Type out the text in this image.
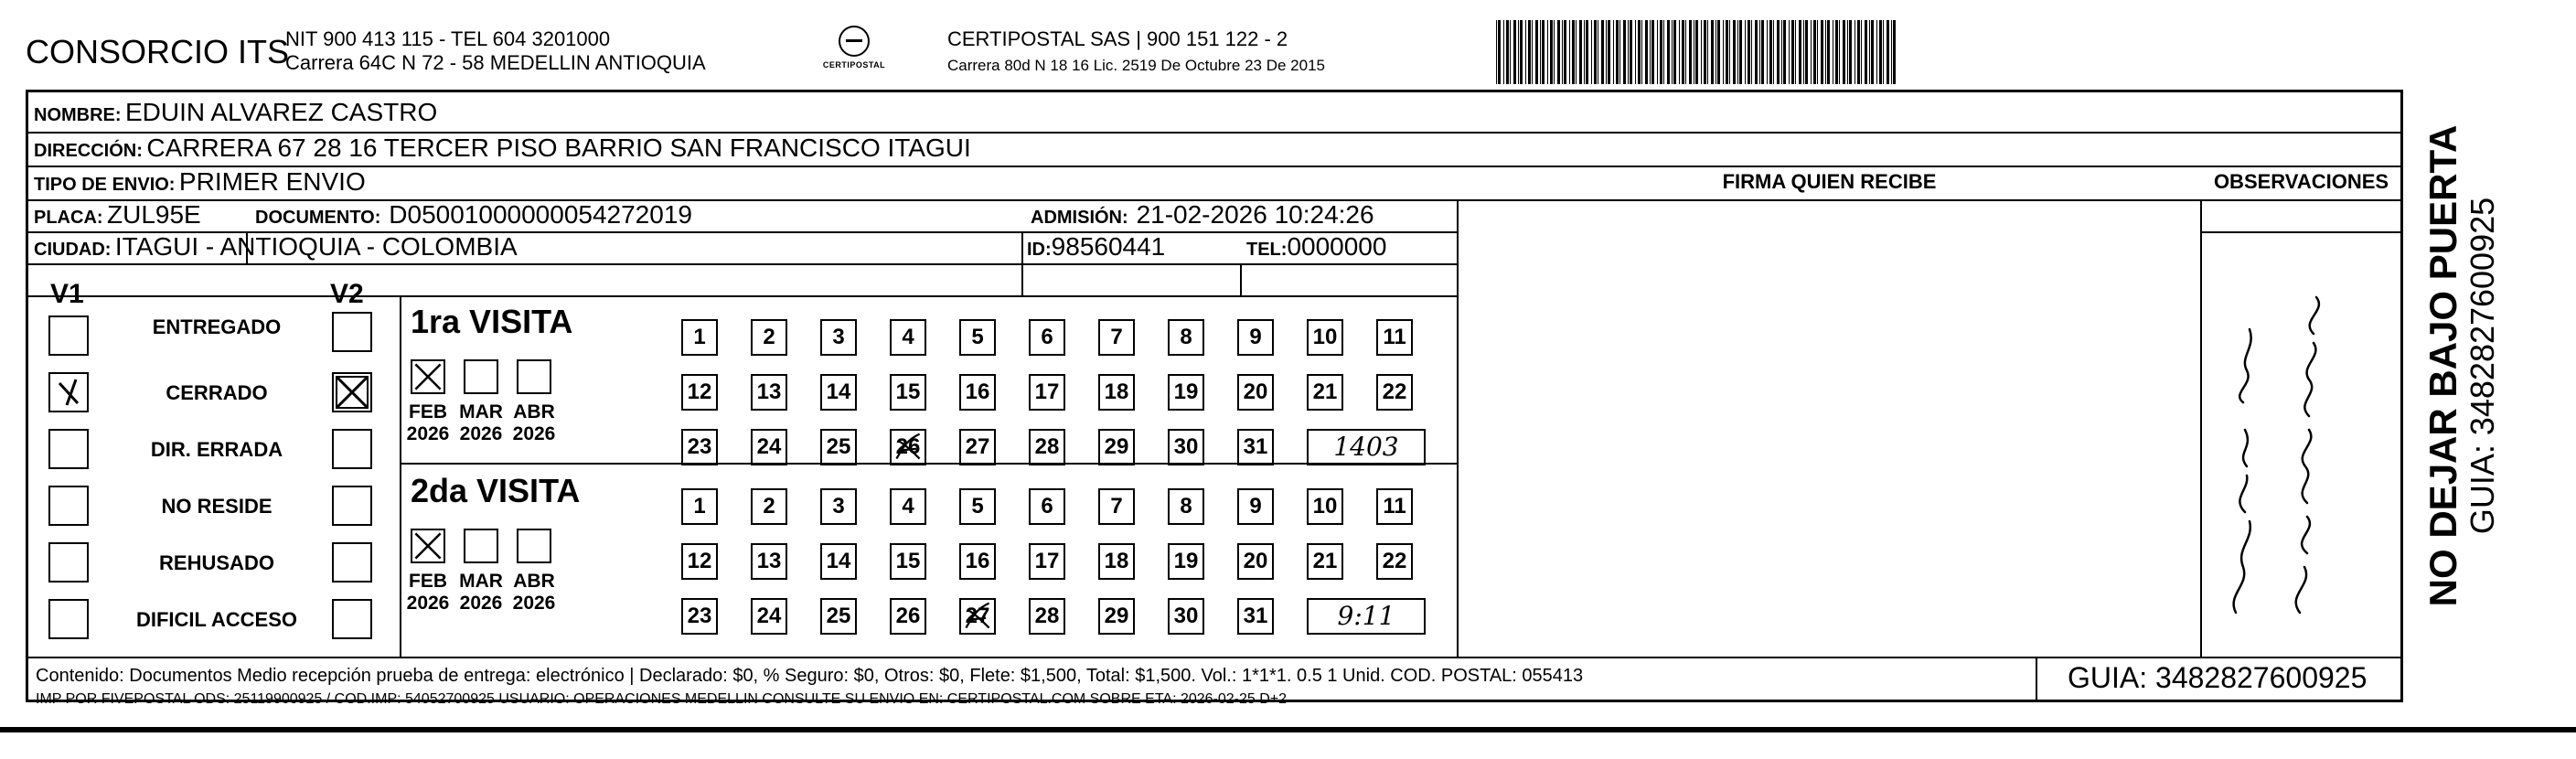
CONSORCIO ITS
NIT 900 413 115 - TEL 604 3201000
Carrera 64C N 72 - 58 MEDELLIN ANTIOQUIA	CERTIPOSTAL
CERTIPOSTAL SAS | 900 151 122 - 2
Carrera 80d N 18 16 Lic. 2519 De Octubre 23 De 2015
NOMBRE: EDUIN ALVAREZ CASTRO
DIRECCIÓN: CARRERA 67 28 16 TERCER PISO BARRIO SAN FRANCISCO ITAGUI
TIPO DE ENVIO: PRIMER ENVIO	FIRMA QUIEN RECIBE	OBSERVACIONES
PLACA: ZUL95E	DOCUMENTO: D05001000000054272019	ADMISIÓN: 21-02-2026 10:24:26
CIUDAD: ITAGUI - ANTIOQUIA - COLOMBIA	ID:98560441	TEL:0000000
V1	V2
ENTREGADO
CERRADO
DIR. ERRADA
NO RESIDE
REHUSADO
DIFICIL ACCESO
1ra VISITA
FEB
2026
MAR
2026
ABR
2026
1	2	3	4	5	6	7	8	9	10	11
12 13 14 15 16 17 18 19 20 21 22
23 24 25 26 27 28 29 30 31	1403
2da VISITA
FEB
2026
MAR
2026
ABR
2026
1	2	3	4	5	6	7	8	9	10	11
12 13 14 15 16 17 18 19 20 21 22
23 24 25 26 27 28 29 30 31	9:11
Contenido: Documentos Medio recepción prueba de entrega: electrónico | Declarado: $0, % Seguro: $0, Otros: $0, Flete: $1,500, Total: $1,500. Vol.: 1*1*1. 0.5 1 Unid. COD. POSTAL: 055413
IMP POR FIVEPOSTAL ODS: 25119900925 / COD.IMP: 54052700925 USUARIO: OPERACIONES MEDELLIN CONSULTE SU ENVIO EN: CERTIPOSTAL.COM SOBRE ETA: 2026-02-25 D+2
GUIA: 3482827600925
NO DEJAR BAJO PUERTA GUIA: 3482827600925
